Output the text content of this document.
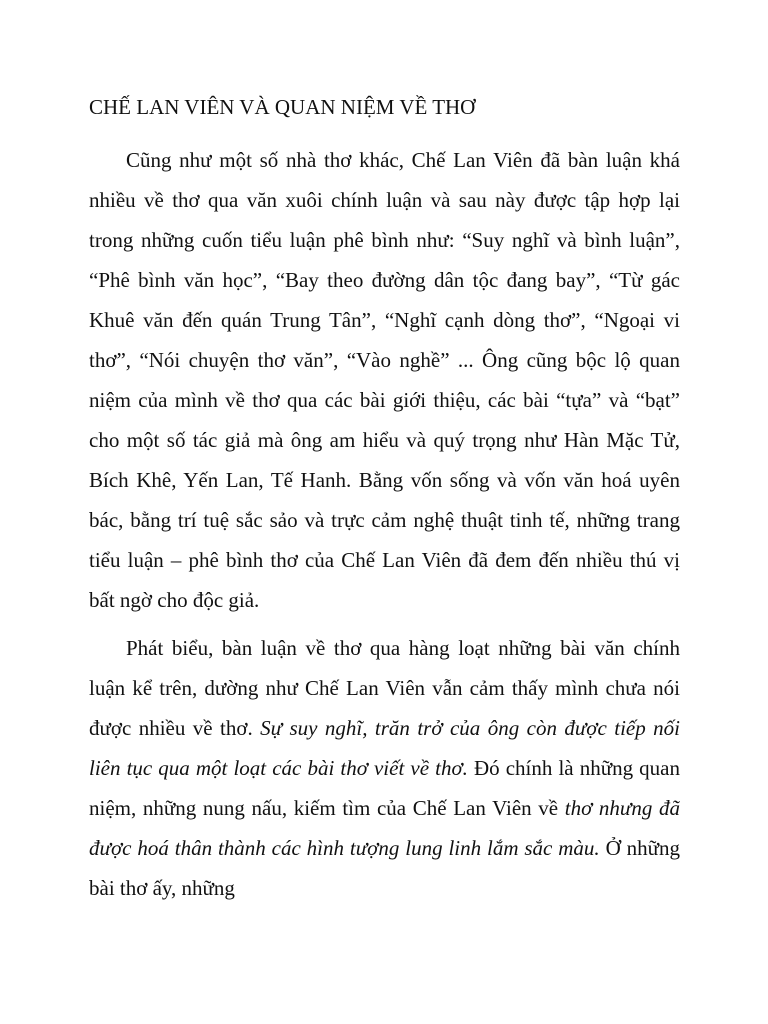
CHẾ LAN VIÊN VÀ QUAN NIỆM VỀ THƠ

Cũng như một số nhà thơ khác, Chế Lan Viên đã bàn luận khá nhiều về thơ qua văn xuôi chính luận và sau này được tập hợp lại trong những cuốn tiểu luận phê bình như: “Suy nghĩ và bình luận”, “Phê bình văn học”, “Bay theo đường dân tộc đang bay”, “Từ gác Khuê văn đến quán Trung Tân”, “Nghĩ cạnh dòng thơ”, “Ngoại vi thơ”, “Nói chuyện thơ văn”, “Vào nghề” ... Ông cũng bộc lộ quan niệm của mình về thơ qua các bài giới thiệu, các bài “tựa” và “bạt” cho một số tác giả mà ông am hiểu và quý trọng như Hàn Mặc Tử, Bích Khê, Yến Lan, Tế Hanh. Bằng vốn sống và vốn văn hoá uyên bác, bằng trí tuệ sắc sảo và trực cảm nghệ thuật tinh tế, những trang tiểu luận – phê bình thơ của Chế Lan Viên đã đem đến nhiều thú vị bất ngờ cho độc giả.

Phát biểu, bàn luận về thơ qua hàng loạt những bài văn chính luận kể trên, dường như Chế Lan Viên vẫn cảm thấy mình chưa nói được nhiều về thơ. Sự suy nghĩ, trăn trở của ông còn được tiếp nối liên tục qua một loạt các bài thơ viết về thơ. Đó chính là những quan niệm, những nung nấu, kiếm tìm của Chế Lan Viên về thơ nhưng đã được hoá thân thành các hình tượng lung linh lắm sắc màu. Ở những bài thơ ấy, những
